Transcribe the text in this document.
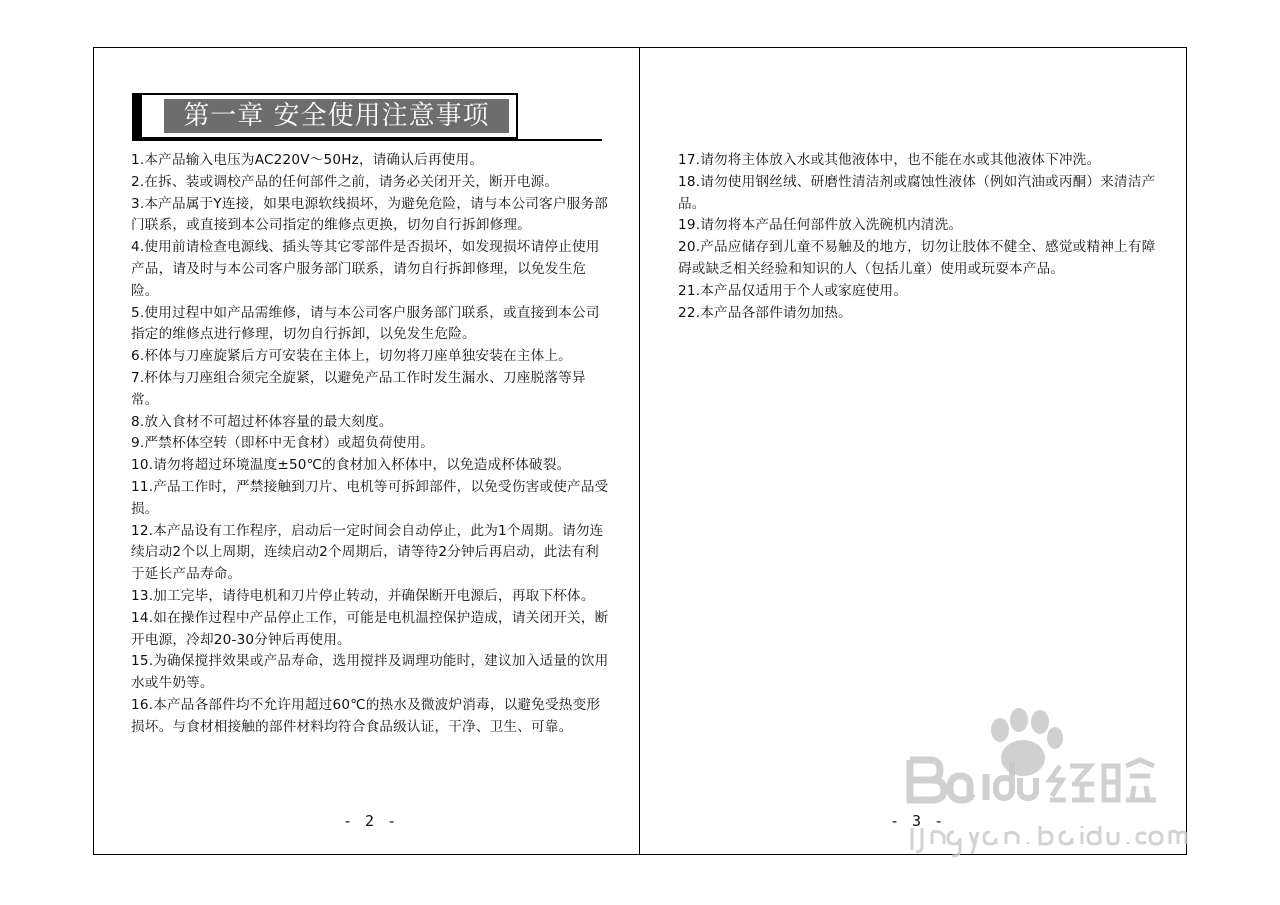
第一章 安全使用注意事项
1.本产品输入电压为AC220V～50Hz，请确认后再使用。
2.在拆、装或调校产品的任何部件之前，请务必关闭开关，断开电源。
3.本产品属于Y连接，如果电源软线损坏，为避免危险，请与本公司客户服务部门联系，或直接到本公司指定的维修点更换，切勿自行拆卸修理。
4.使用前请检查电源线、插头等其它零部件是否损坏，如发现损坏请停止使用产品，请及时与本公司客户服务部门联系，请勿自行拆卸修理，以免发生危险。
5.使用过程中如产品需维修，请与本公司客户服务部门联系，或直接到本公司指定的维修点进行修理，切勿自行拆卸，以免发生危险。
6.杯体与刀座旋紧后方可安装在主体上，切勿将刀座单独安装在主体上。
7.杯体与刀座组合须完全旋紧，以避免产品工作时发生漏水、刀座脱落等异常。
8.放入食材不可超过杯体容量的最大刻度。
9.严禁杯体空转（即杯中无食材）或超负荷使用。
10.请勿将超过环境温度±50℃的食材加入杯体中，以免造成杯体破裂。
11.产品工作时，严禁接触到刀片、电机等可拆卸部件，以免受伤害或使产品受损。
12.本产品设有工作程序，启动后一定时间会自动停止，此为1个周期。请勿连续启动2个以上周期，连续启动2个周期后，请等待2分钟后再启动，此法有利于延长产品寿命。
13.加工完毕，请待电机和刀片停止转动，并确保断开电源后，再取下杯体。
14.如在操作过程中产品停止工作，可能是电机温控保护造成，请关闭开关，断开电源，冷却20-30分钟后再使用。
15.为确保搅拌效果或产品寿命，选用搅拌及调理功能时，建议加入适量的饮用水或牛奶等。
16.本产品各部件均不允许用超过60℃的热水及微波炉消毒，以避免受热变形损坏。与食材相接触的部件材料均符合食品级认证，干净、卫生、可靠。
17.请勿将主体放入水或其他液体中，也不能在水或其他液体下冲洗。
18.请勿使用钢丝绒、研磨性清洁剂或腐蚀性液体（例如汽油或丙酮）来清洁产品。
19.请勿将本产品任何部件放入洗碗机内清洗。
20.产品应储存到儿童不易触及的地方，切勿让肢体不健全、感觉或精神上有障碍或缺乏相关经验和知识的人（包括儿童）使用或玩耍本产品。
21.本产品仅适用于个人或家庭使用。
22.本产品各部件请勿加热。
- 2 -	- 3 -
